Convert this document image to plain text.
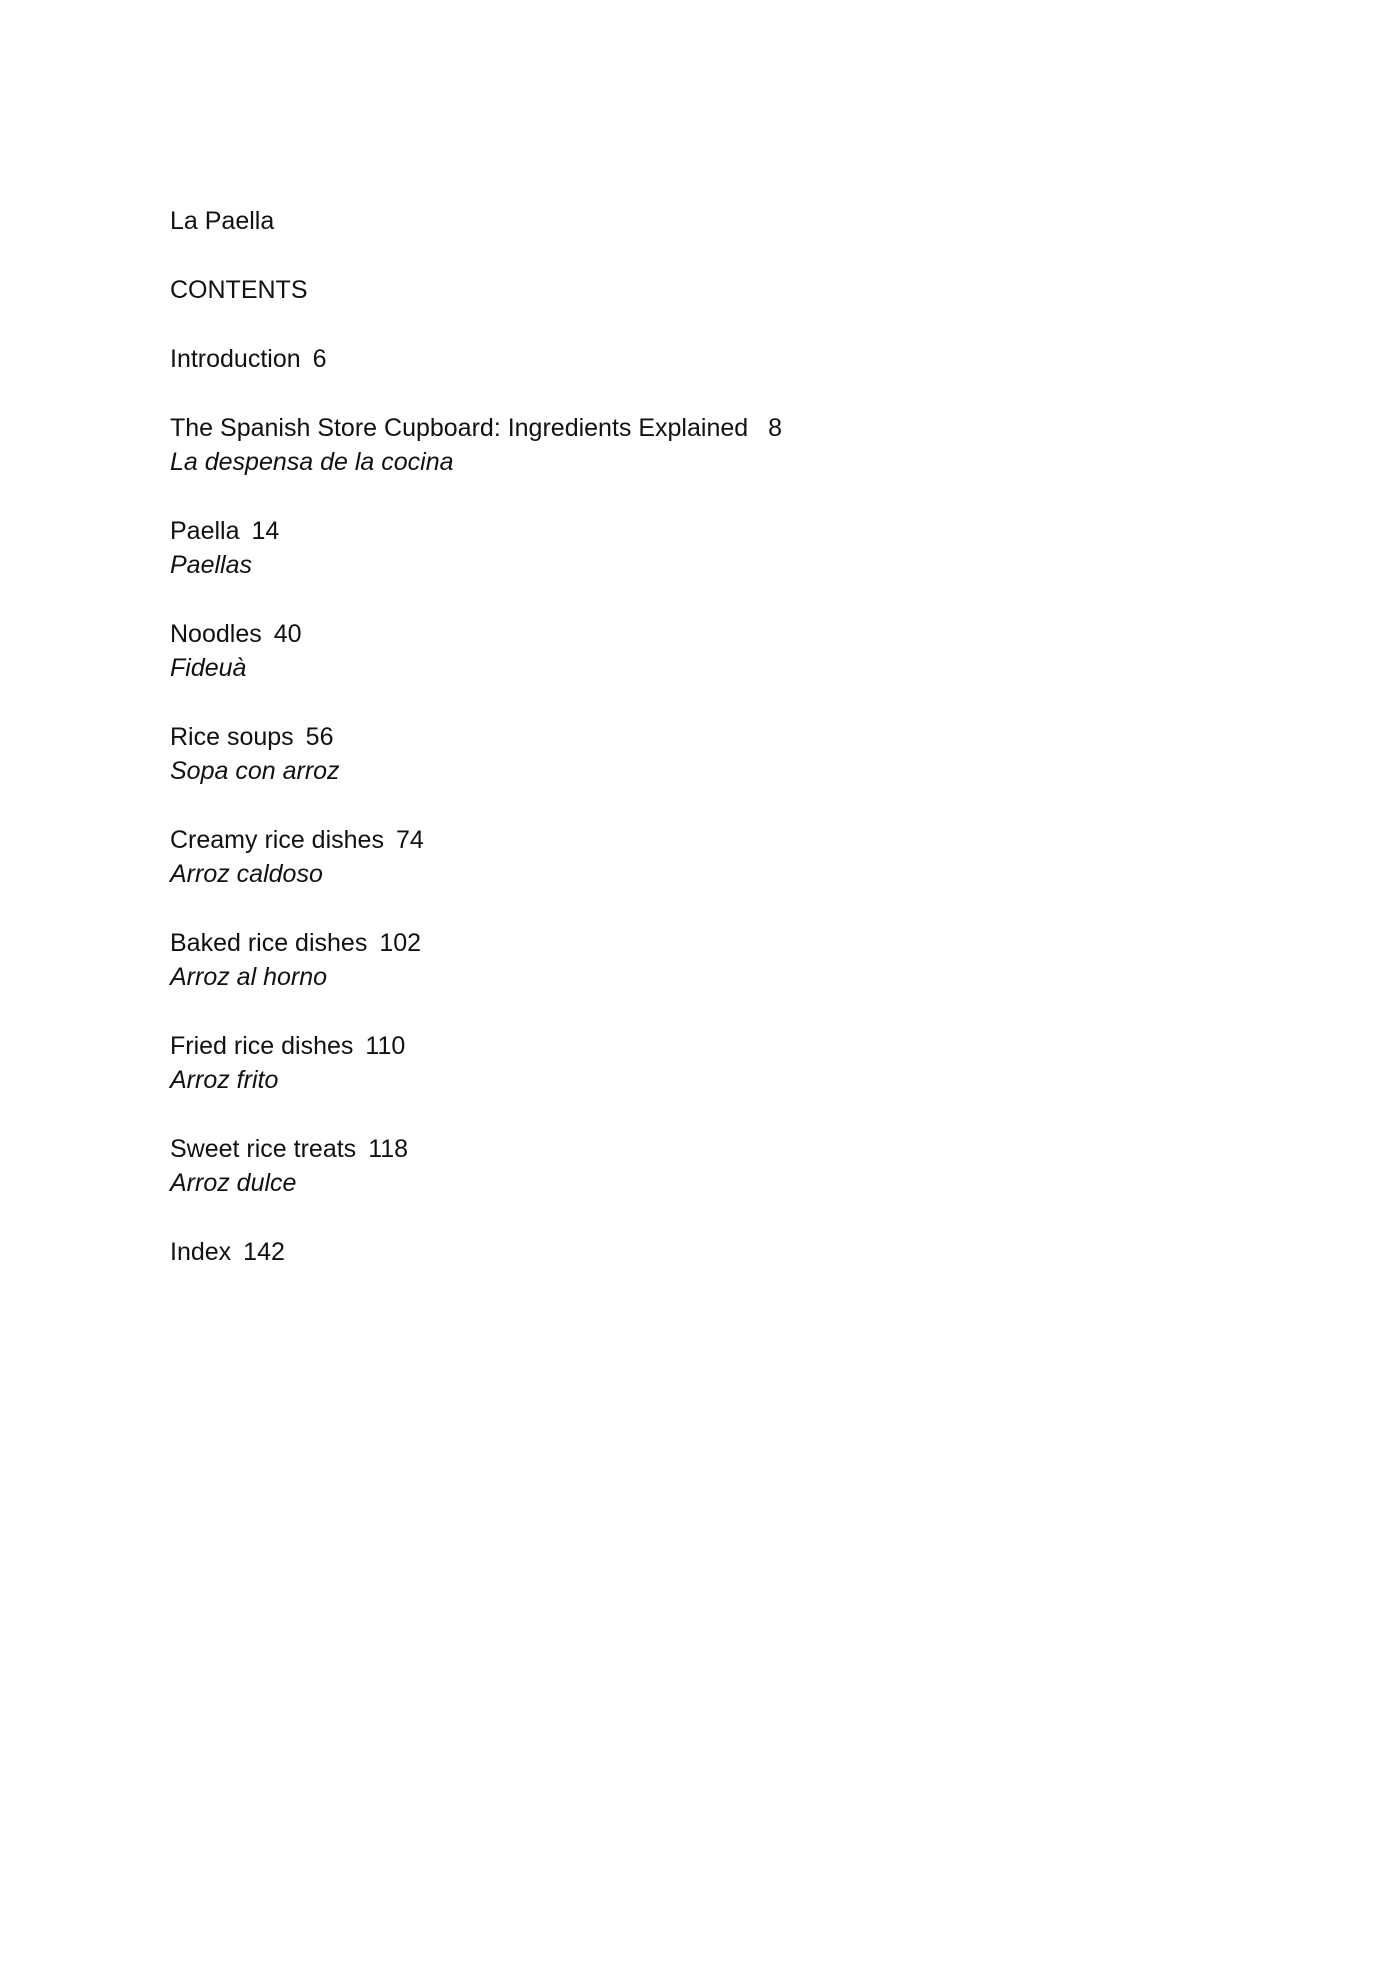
La Paella
CONTENTS
Introduction 6
The Spanish Store Cupboard: Ingredients Explained 8
La despensa de la cocina
Paella 14
Paellas
Noodles 40
Fideuà
Rice soups 56
Sopa con arroz
Creamy rice dishes 74
Arroz caldoso
Baked rice dishes 102
Arroz al horno
Fried rice dishes 110
Arroz frito
Sweet rice treats 118
Arroz dulce
Index 142
